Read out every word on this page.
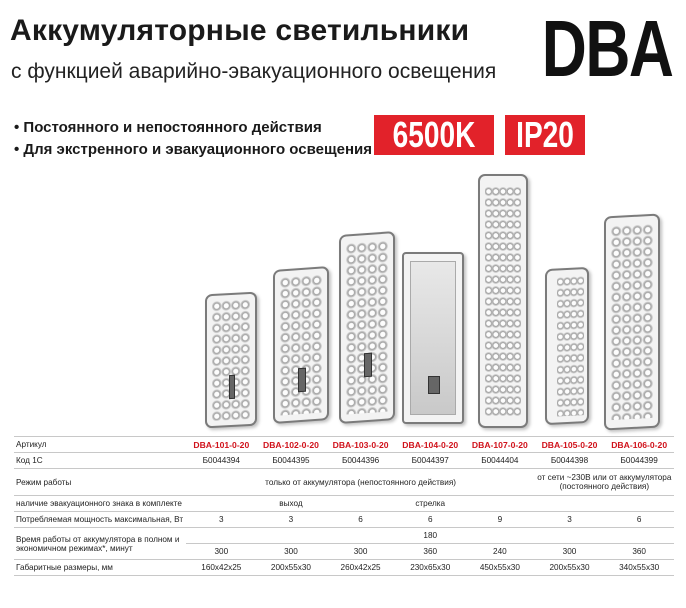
Аккумуляторные светильники
с функцией аварийно-эвакуационного освещения DBA
• Постоянного и непостоянного действия
• Для экстренного и эвакуационного освещения 6500K	IP20
Артикул	DBA-101-0-20	DBA-102-0-20	DBA-103-0-20	DBA-104-0-20	DBA-107-0-20	DBA-105-0-20	DBA-106-0-20
Код 1С	Б0044394	Б0044395	Б0044396	Б0044397	Б0044404	Б0044398	Б0044399
Режим работы	только от аккумулятора (непостоянного действия)					от сети ~230В или от аккумулятора (постоянного действия)	
наличие эвакуационного знака в комплекте		выход		стрелка			
Потребляемая мощность максимальная, Вт	3	3	6	6	9	3	6
Время работы от аккумулятора в полном и экономичном режимах*, минут	180						
	300	300	300	360	240	300	360
Габаритные размеры, мм	160x42x25	200x55x30	260x42x25	230x65x30	450x55x30	200x55x30	340x55x30
